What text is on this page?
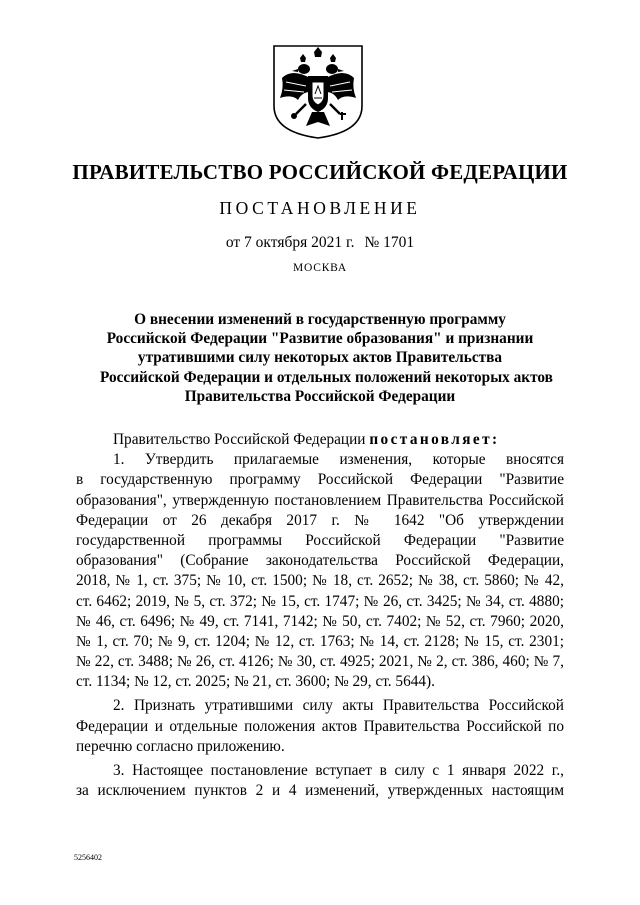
ПРАВИТЕЛЬСТВО РОССИЙСКОЙ ФЕДЕРАЦИИ
ПОСТАНОВЛЕНИЕ
от 7 октября 2021 г. № 1701
МОСКВА
О внесении изменений в государственную программу
Российской Федерации "Развитие образования" и признании
утратившими силу некоторых актов Правительства
Российской Федерации и отдельных положений некоторых актов
Правительства Российской Федерации
Правительство Российской Федерации постановляет:
1. Утвердить прилагаемые изменения, которые вносятся
в государственную программу Российской Федерации "Развитие
образования", утвержденную постановлением Правительства Российской
Федерации от 26 декабря 2017 г. № 1642 "Об утверждении
государственной программы Российской Федерации "Развитие
образования" (Собрание законодательства Российской Федерации,
2018, № 1, ст. 375; № 10, ст. 1500; № 18, ст. 2652; № 38, ст. 5860; № 42,
ст. 6462; 2019, № 5, ст. 372; № 15, ст. 1747; № 26, ст. 3425; № 34, ст. 4880;
№ 46, ст. 6496; № 49, ст. 7141, 7142; № 50, ст. 7402; № 52, ст. 7960; 2020,
№ 1, ст. 70; № 9, ст. 1204; № 12, ст. 1763; № 14, ст. 2128; № 15, ст. 2301;
№ 22, ст. 3488; № 26, ст. 4126; № 30, ст. 4925; 2021, № 2, ст. 386, 460; № 7,
ст. 1134; № 12, ст. 2025; № 21, ст. 3600; № 29, ст. 5644).
2. Признать утратившими силу акты Правительства Российской
Федерации и отдельные положения актов Правительства Российской по
перечню согласно приложению.
3. Настоящее постановление вступает в силу с 1 января 2022 г.,
за исключением пунктов 2 и 4 изменений, утвержденных настоящим
5256402
